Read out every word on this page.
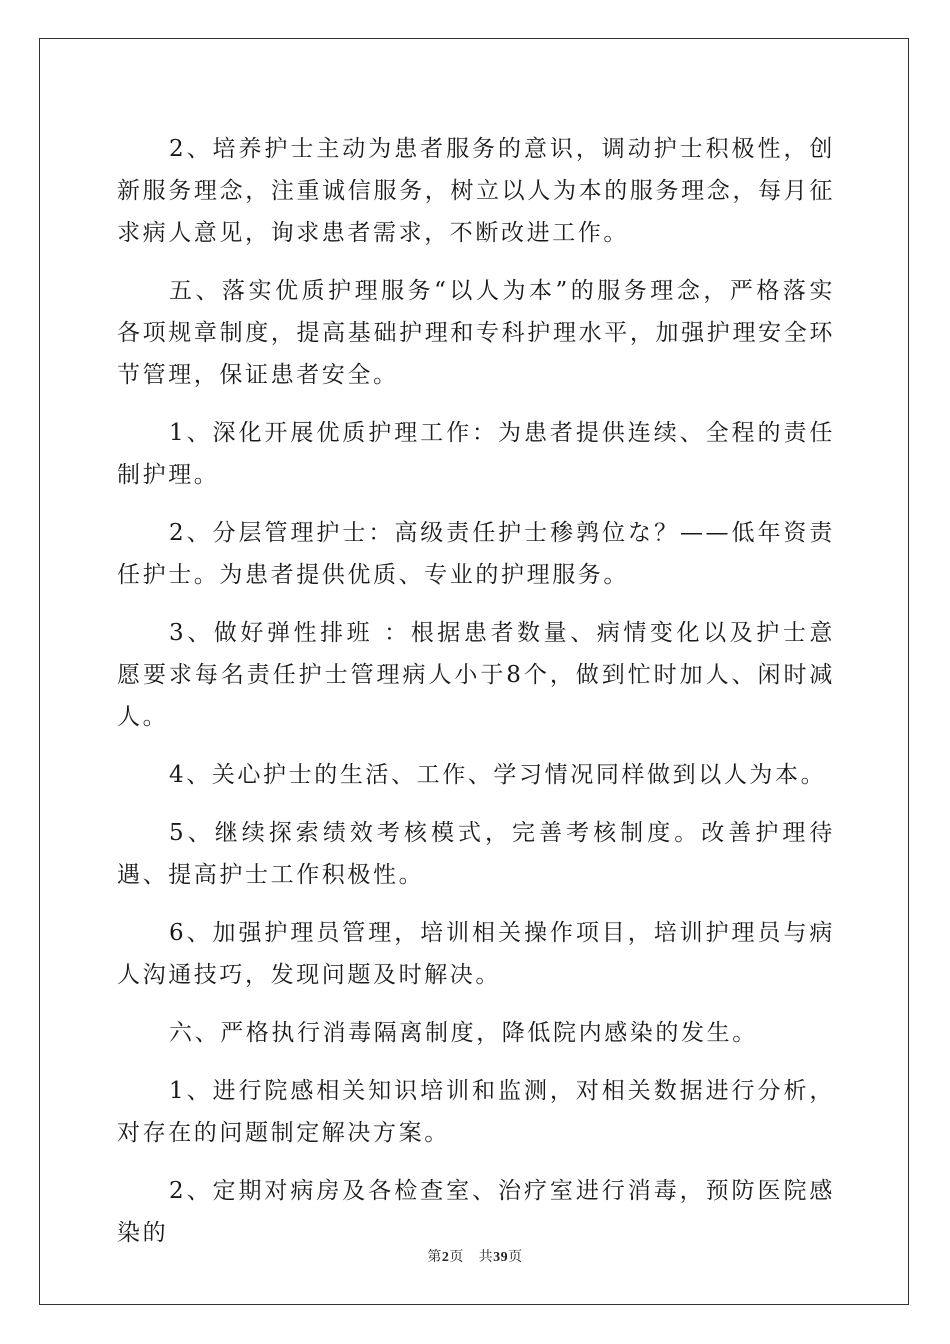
2、培养护士主动为患者服务的意识，调动护士积极性，创新服务理念，注重诚信服务，树立以人为本的服务理念，每月征求病人意见，询求患者需求，不断改进工作。

五、落实优质护理服务“以人为本”的服务理念，严格落实各项规章制度，提高基础护理和专科护理水平，加强护理安全环节管理，保证患者安全。

1、深化开展优质护理工作：为患者提供连续、全程的责任制护理。

2、分层管理护士：高级责任护士䅟鹑位な？——低年资责任护士。为患者提供优质、专业的护理服务。

3、做好弹性排班 ：根据患者数量、病情变化以及护士意愿要求每名责任护士管理病人小于8个，做到忙时加人、闲时减人。

4、关心护士的生活、工作、学习情况同样做到以人为本。

5、继续探索绩效考核模式，完善考核制度。改善护理待遇、提高护士工作积极性。

6、加强护理员管理，培训相关操作项目，培训护理员与病人沟通技巧，发现问题及时解决。

六、严格执行消毒隔离制度，降低院内感染的发生。

1、进行院感相关知识培训和监测，对相关数据进行分析，对存在的问题制定解决方案。

2、定期对病房及各检查室、治疗室进行消毒，预防医院感染的

第2页 共39页
